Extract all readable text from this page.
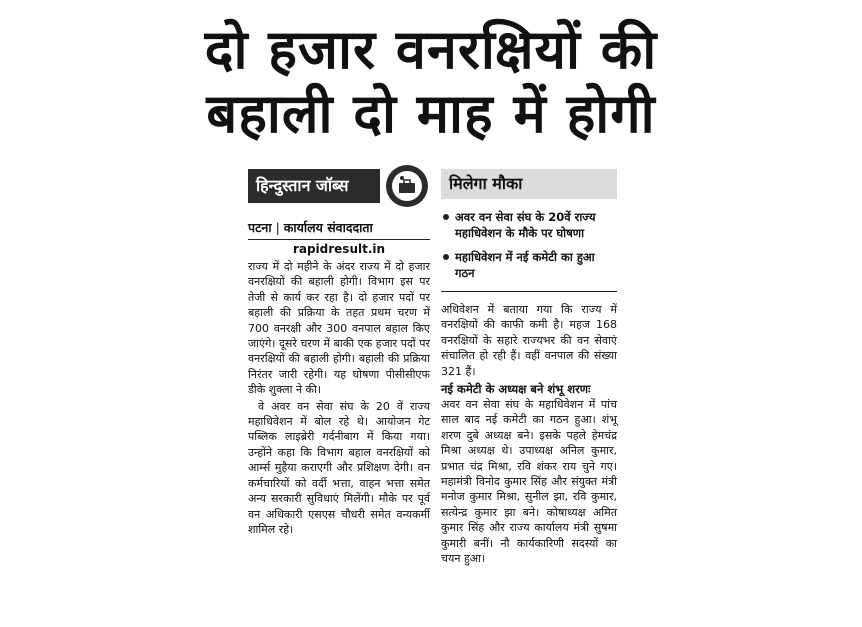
दो हजार वनरक्षियों की
बहाली दो माह में होगी
हिन्दुस्तान जॉब्स
पटना | कार्यालय संवाददाता
rapidresult.in

राज्य में दो महीने के अंदर राज्य में दो हजार वनरक्षियों की बहाली होगी। विभाग इस पर तेजी से कार्य कर रहा है। दो हजार पदों पर बहाली की प्रक्रिया के तहत प्रथम चरण में 700 वनरक्षी और 300 वनपाल बहाल किए जाएंगे। दूसरे चरण में बाकी एक हजार पदों पर वनरक्षियों की बहाली होगी। बहाली की प्रक्रिया निरंतर जारी रहेगी। यह घोषणा पीसीसीएफ डीके शुक्ला ने की।

वे अवर वन सेवा संघ के 20 वें राज्य महाधिवेशन में बोल रहे थे। आयोजन गेट पब्लिक लाइब्रेरी गर्दनीबाग में किया गया। उन्होंने कहा कि विभाग बहाल वनरक्षियों को आर्म्स मुहैया कराएगी और प्रशिक्षण देगी। वन कर्मचारियों को वर्दी भत्ता, वाहन भत्ता समेत अन्य सरकारी सुविधाएं मिलेंगी। मौके पर पूर्व वन अधिकारी एसएस चौधरी समेत वन्यकर्मी शामिल रहे।

मिलेगा मौका
अवर वन सेवा संघ के 20वें राज्य महाधिवेशन के मौके पर घोषणा
महाधिवेशन में नई कमेटी का हुआ गठन

अधिवेशन में बताया गया कि राज्य में वनरक्षियों की काफी कमी है। महज 168 वनरक्षियों के सहारे राज्यभर की वन सेवाएं संचालित हो रही हैं। वहीं वनपाल की संख्या 321 हैं।

नई कमेटी के अध्यक्ष बने शंभू शरणः

अवर वन सेवा संघ के महाधिवेशन में पांच साल बाद नई कमेटी का गठन हुआ। शंभू शरण दुबे अध्यक्ष बने। इसके पहले हेमचंद्र मिश्रा अध्यक्ष थे। उपाध्यक्ष अनिल कुमार, प्रभात चंद्र मिश्रा, रवि शंकर राय चुने गए। महामंत्री विनोद कुमार सिंह और संयुक्त मंत्री मनोज कुमार मिश्रा, सुनील झा, रवि कुमार, सत्येन्द्र कुमार झा बने। कोषाध्यक्ष अमित कुमार सिंह और राज्य कार्यालय मंत्री सुषमा कुमारी बनीं। नौ कार्यकारिणी सदस्यों का चयन हुआ।
